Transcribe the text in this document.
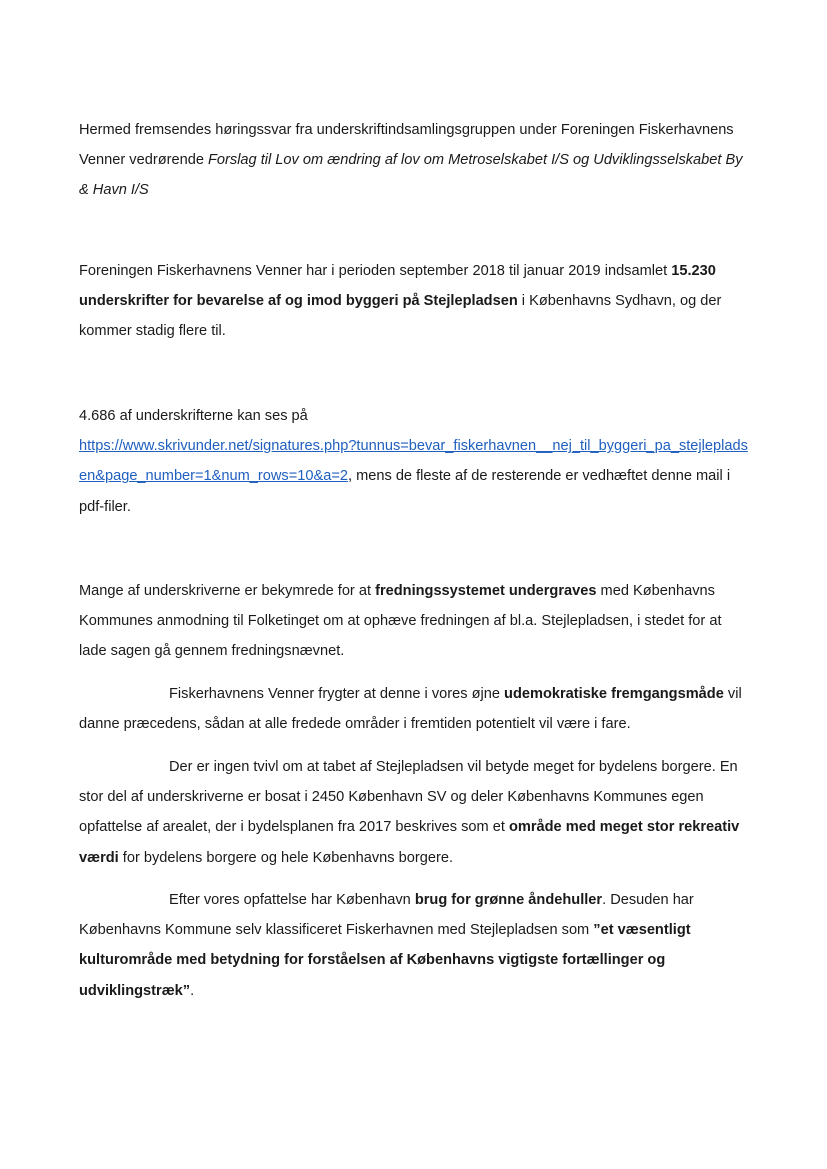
Hermed fremsendes høringssvar fra underskriftindsamlingsgruppen under Foreningen Fiskerhavnens Venner vedrørende Forslag til Lov om ændring af lov om Metroselskabet I/S og Udviklingsselskabet By & Havn I/S

Foreningen Fiskerhavnens Venner har i perioden september 2018 til januar 2019 indsamlet 15.230 underskrifter for bevarelse af og imod byggeri på Stejlepladsen i Københavns Sydhavn, og der kommer stadig flere til.

4.686 af underskrifterne kan ses på
https://www.skrivunder.net/signatures.php?tunnus=bevar_fiskerhavnen__nej_til_byggeri_pa_stejlepladsen&page_number=1&num_rows=10&a=2, mens de fleste af de resterende er vedhæftet denne mail i pdf-filer.

Mange af underskriverne er bekymrede for at fredningssystemet undergraves med Københavns Kommunes anmodning til Folketinget om at ophæve fredningen af bl.a. Stejlepladsen, i stedet for at lade sagen gå gennem fredningsnævnet.

Fiskerhavnens Venner frygter at denne i vores øjne udemokratiske fremgangsmåde vil danne præcedens, sådan at alle fredede områder i fremtiden potentielt vil være i fare.

Der er ingen tvivl om at tabet af Stejlepladsen vil betyde meget for bydelens borgere. En stor del af underskriverne er bosat i 2450 København SV og deler Københavns Kommunes egen opfattelse af arealet, der i bydelsplanen fra 2017 beskrives som et område med meget stor rekreativ værdi for bydelens borgere og hele Københavns borgere.

Efter vores opfattelse har København brug for grønne åndehuller. Desuden har Københavns Kommune selv klassificeret Fiskerhavnen med Stejlepladsen som ”et væsentligt kulturområde med betydning for forståelsen af Københavns vigtigste fortællinger og udviklingstræk”.
